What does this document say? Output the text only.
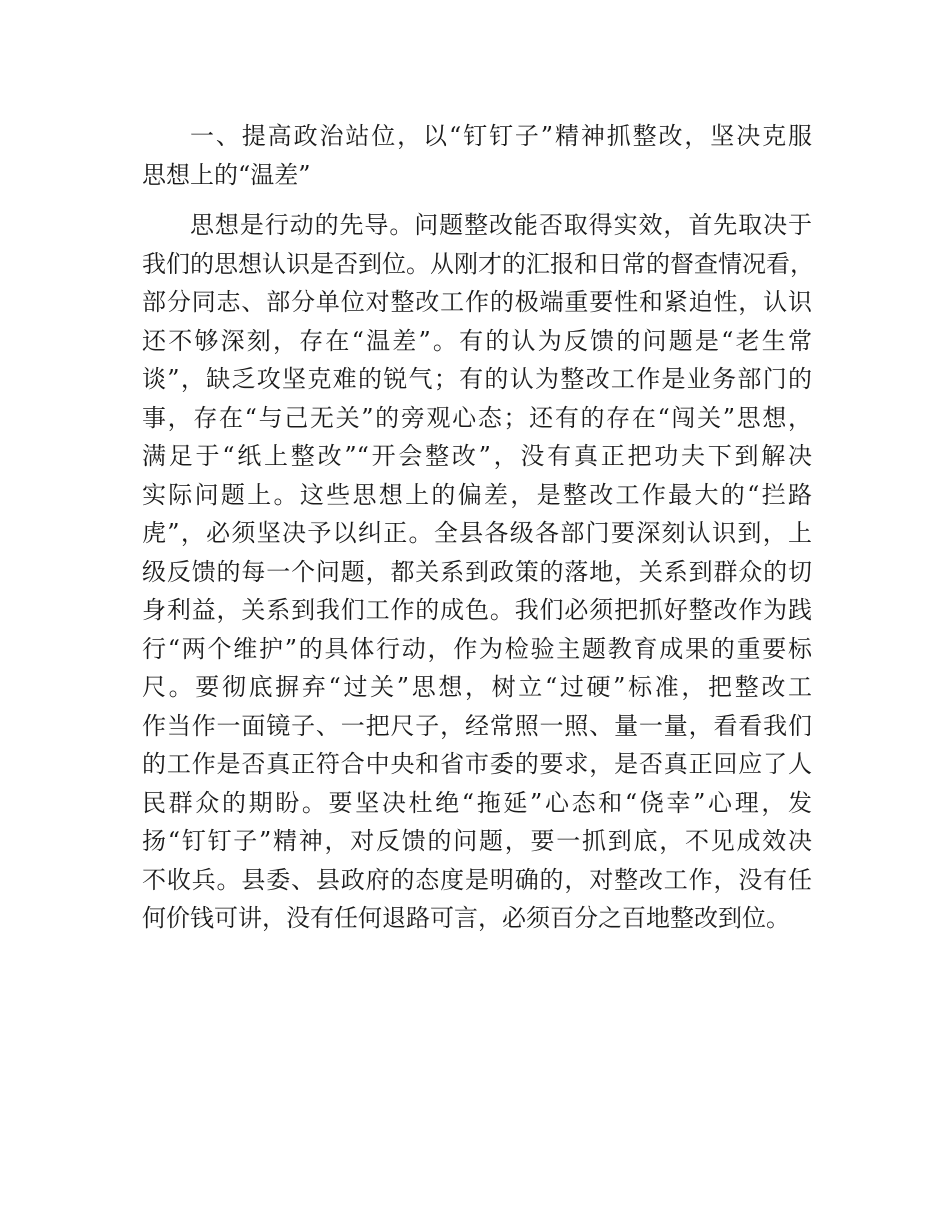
一、提高政治站位，以“钉钉子”精神抓整改，坚决克服
思想上的“温差”
思想是行动的先导。问题整改能否取得实效，首先取决于
我们的思想认识是否到位。从刚才的汇报和日常的督查情况看，
部分同志、部分单位对整改工作的极端重要性和紧迫性，认识
还不够深刻，存在“温差”。有的认为反馈的问题是“老生常
谈”，缺乏攻坚克难的锐气；有的认为整改工作是业务部门的
事，存在“与己无关”的旁观心态；还有的存在“闯关”思想，
满足于“纸上整改”“开会整改”，没有真正把功夫下到解决
实际问题上。这些思想上的偏差，是整改工作最大的“拦路
虎”，必须坚决予以纠正。全县各级各部门要深刻认识到，上
级反馈的每一个问题，都关系到政策的落地，关系到群众的切
身利益，关系到我们工作的成色。我们必须把抓好整改作为践
行“两个维护”的具体行动，作为检验主题教育成果的重要标
尺。要彻底摒弃“过关”思想，树立“过硬”标准，把整改工
作当作一面镜子、一把尺子，经常照一照、量一量，看看我们
的工作是否真正符合中央和省市委的要求，是否真正回应了人
民群众的期盼。要坚决杜绝“拖延”心态和“侥幸”心理，发
扬“钉钉子”精神，对反馈的问题，要一抓到底，不见成效决
不收兵。县委、县政府的态度是明确的，对整改工作，没有任
何价钱可讲，没有任何退路可言，必须百分之百地整改到位。
